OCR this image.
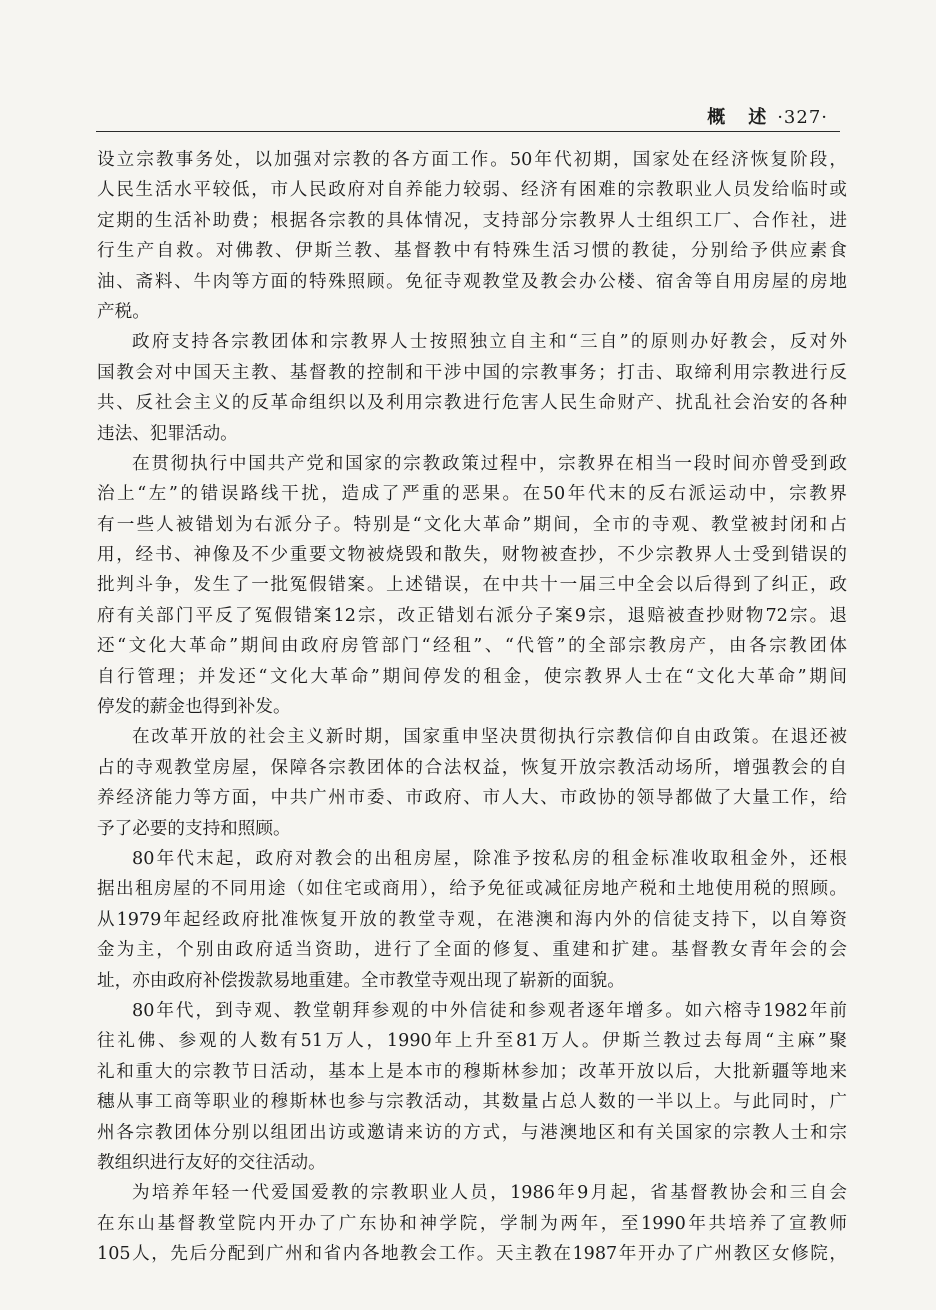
概 述 ·327·
设立宗教事务处，以加强对宗教的各方面工作。50年代初期，国家处在经济恢复阶段，
人民生活水平较低，市人民政府对自养能力较弱、经济有困难的宗教职业人员发给临时或
定期的生活补助费；根据各宗教的具体情况，支持部分宗教界人士组织工厂、合作社，进
行生产自救。对佛教、伊斯兰教、基督教中有特殊生活习惯的教徒，分别给予供应素食
油、斋料、牛肉等方面的特殊照顾。免征寺观教堂及教会办公楼、宿舍等自用房屋的房地
产税。
政府支持各宗教团体和宗教界人士按照独立自主和“三自”的原则办好教会，反对外
国教会对中国天主教、基督教的控制和干涉中国的宗教事务；打击、取缔利用宗教进行反
共、反社会主义的反革命组织以及利用宗教进行危害人民生命财产、扰乱社会治安的各种
违法、犯罪活动。
在贯彻执行中国共产党和国家的宗教政策过程中，宗教界在相当一段时间亦曾受到政
治上“左”的错误路线干扰，造成了严重的恶果。在50年代末的反右派运动中，宗教界
有一些人被错划为右派分子。特别是“文化大革命”期间，全市的寺观、教堂被封闭和占
用，经书、神像及不少重要文物被烧毁和散失，财物被查抄，不少宗教界人士受到错误的
批判斗争，发生了一批冤假错案。上述错误，在中共十一届三中全会以后得到了纠正，政
府有关部门平反了冤假错案12宗，改正错划右派分子案9宗，退赔被查抄财物72宗。退
还“文化大革命”期间由政府房管部门“经租”、“代管”的全部宗教房产，由各宗教团体
自行管理；并发还“文化大革命”期间停发的租金，使宗教界人士在“文化大革命”期间
停发的薪金也得到补发。
在改革开放的社会主义新时期，国家重申坚决贯彻执行宗教信仰自由政策。在退还被
占的寺观教堂房屋，保障各宗教团体的合法权益，恢复开放宗教活动场所，增强教会的自
养经济能力等方面，中共广州市委、市政府、市人大、市政协的领导都做了大量工作，给
予了必要的支持和照顾。
80年代末起，政府对教会的出租房屋，除准予按私房的租金标准收取租金外，还根
据出租房屋的不同用途（如住宅或商用），给予免征或减征房地产税和土地使用税的照顾。
从1979年起经政府批准恢复开放的教堂寺观，在港澳和海内外的信徒支持下，以自筹资
金为主，个别由政府适当资助，进行了全面的修复、重建和扩建。基督教女青年会的会
址，亦由政府补偿拨款易地重建。全市教堂寺观出现了崭新的面貌。
80年代，到寺观、教堂朝拜参观的中外信徒和参观者逐年增多。如六榕寺1982年前
往礼佛、参观的人数有51万人，1990年上升至81万人。伊斯兰教过去每周“主麻”聚
礼和重大的宗教节日活动，基本上是本市的穆斯林参加；改革开放以后，大批新疆等地来
穗从事工商等职业的穆斯林也参与宗教活动，其数量占总人数的一半以上。与此同时，广
州各宗教团体分别以组团出访或邀请来访的方式，与港澳地区和有关国家的宗教人士和宗
教组织进行友好的交往活动。
为培养年轻一代爱国爱教的宗教职业人员，1986年9月起，省基督教协会和三自会
在东山基督教堂院内开办了广东协和神学院，学制为两年，至1990年共培养了宣教师
105人，先后分配到广州和省内各地教会工作。天主教在1987年开办了广州教区女修院，
